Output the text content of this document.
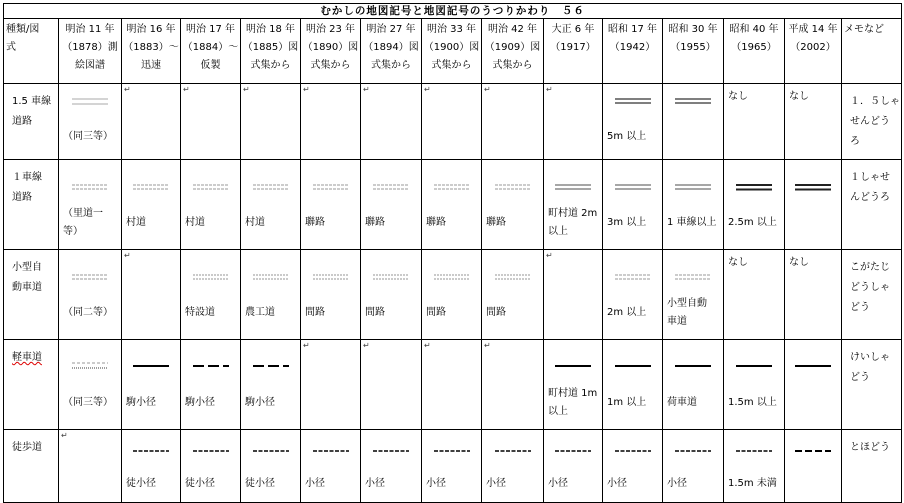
むかしの地図記号と地図記号のうつりかわり　５６														

種類/図
式	明治 11 年
（1878）測
絵図譜	明治 16 年
（1883）～
迅速	明治 17 年
（1884）～
仮製	明治 18 年
（1885）図
式集から	明治 23 年
（1890）図
式集から	明治 27 年
（1894）図
式集から	明治 33 年
（1900）図
式集から	明治 42 年
（1909）図
式集から	大正 6 年
（1917）	昭和 17 年
（1942）	昭和 30 年
（1955）	昭和 40 年
（1965）	平成 14 年
（2002）	メモなど

1.5 車線
道路	（同三等）	↵	↵	↵	↵	↵	↵	↵	↵	5m 以上		なし	なし	１．５しゃ
せんどう
ろ

１車線
道路	（里道一
等）	村道	村道	村道	聯路	聯路	聯路	聯路	町村道 2m
以上	3m 以上	1 車線以上	2.5m 以上		１しゃせ
んどうろ

小型自
動車道	（同二等）	↵	特設道	農工道	間路	間路	間路	間路	↵	2m 以上	小型自動
車道	なし	なし	こがたじ
どうしゃ
どう

軽車道	（同三等）	駒小径	駒小径	駒小径	↵	↵	↵	↵	町村道 1m
以上	1m 以上	荷車道	1.5m 以上		けいしゃ
どう

徒歩道	↵	徒小径	徒小径	徒小径	小径	小径	小径	小径	小径	小径	小径	1.5m 未満		とほどう
